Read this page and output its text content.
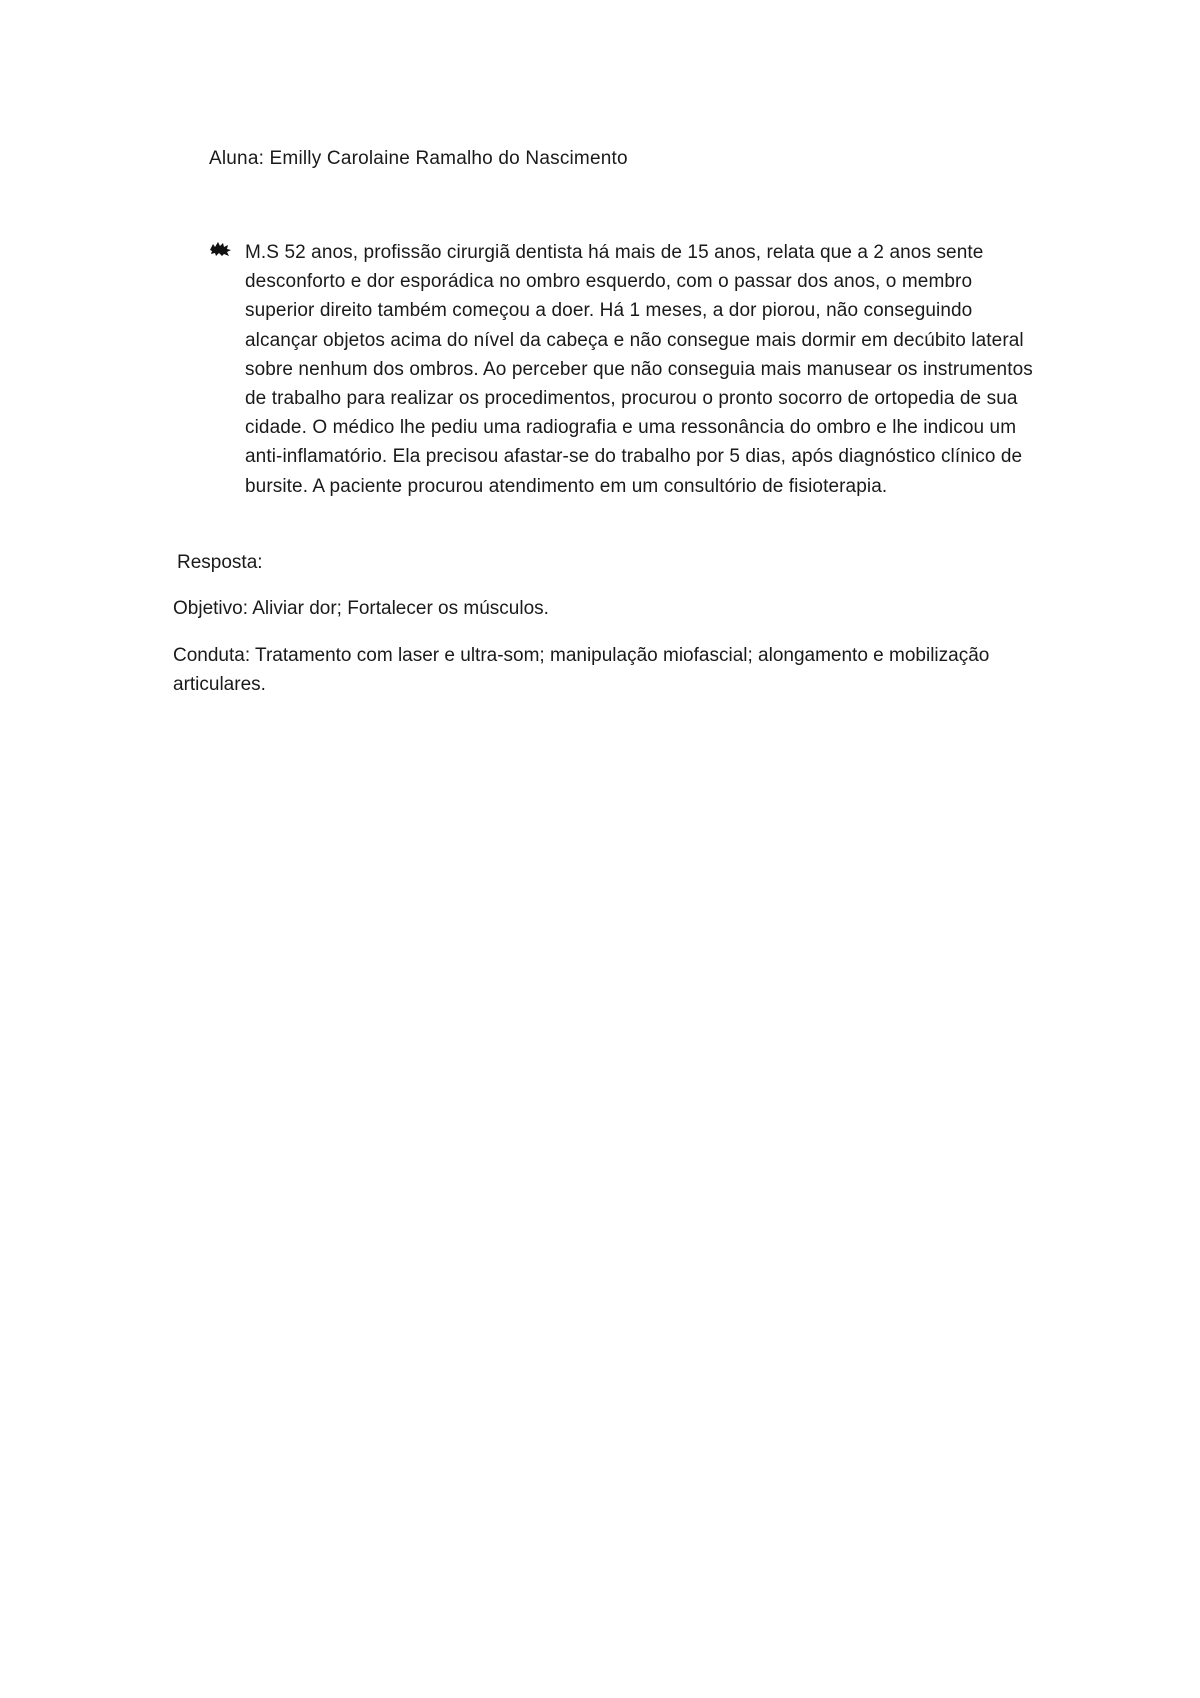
Aluna: Emilly Carolaine Ramalho do Nascimento

M.S 52 anos, profissão cirurgiã dentista há mais de 15 anos, relata que a 2 anos sente desconforto e dor esporádica no ombro esquerdo, com o passar dos anos, o membro superior direito também começou a doer. Há 1 meses, a dor piorou, não conseguindo alcançar objetos acima do nível da cabeça e não consegue mais dormir em decúbito lateral sobre nenhum dos ombros. Ao perceber que não conseguia mais manusear os instrumentos de trabalho para realizar os procedimentos, procurou o pronto socorro de ortopedia de sua cidade. O médico lhe pediu uma radiografia e uma ressonância do ombro e lhe indicou um anti-inflamatório. Ela precisou afastar-se do trabalho por 5 dias, após diagnóstico clínico de bursite. A paciente procurou atendimento em um consultório de fisioterapia.

Resposta:
Objetivo: Aliviar dor; Fortalecer os músculos.

Conduta: Tratamento com laser e ultra-som; manipulação miofascial; alongamento e mobilização articulares.
